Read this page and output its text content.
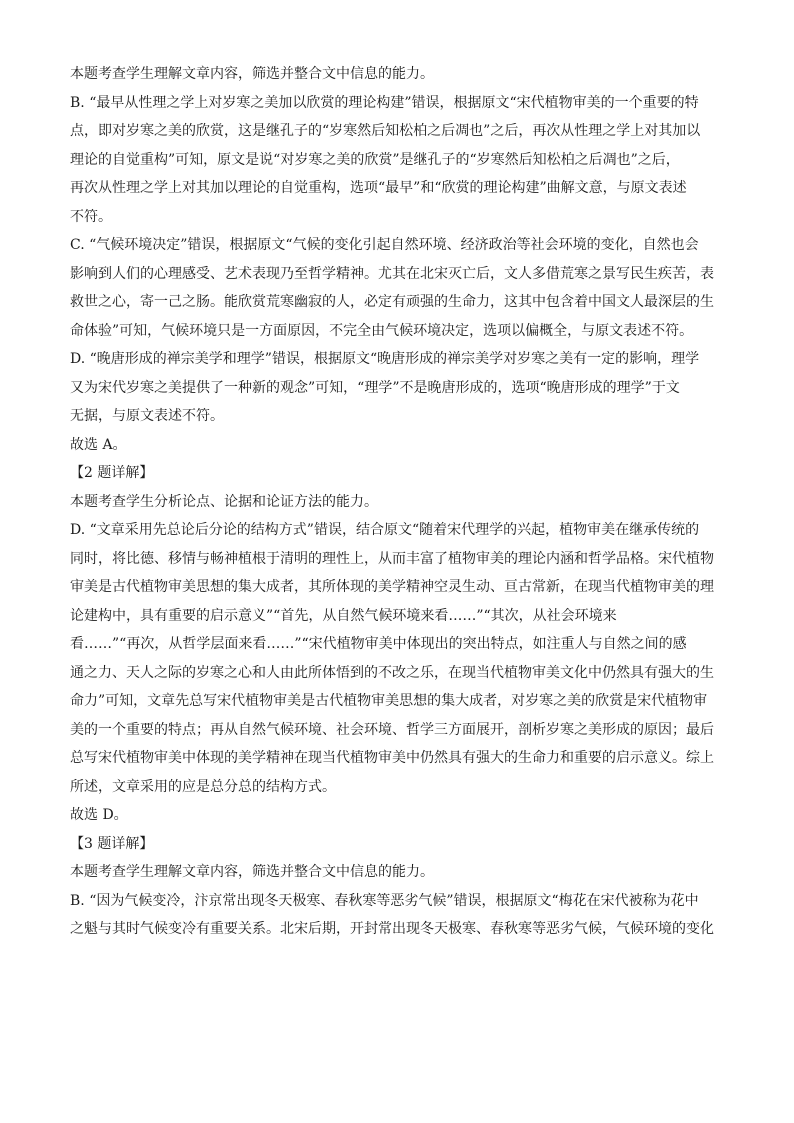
本题考查学生理解文章内容，筛选并整合文中信息的能力。
B. “最早从性理之学上对岁寒之美加以欣赏的理论构建”错误，根据原文“宋代植物审美的一个重要的特
点，即对岁寒之美的欣赏，这是继孔子的“岁寒然后知松柏之后凋也”之后，再次从性理之学上对其加以
理论的自觉重构”可知，原文是说“对岁寒之美的欣赏”是继孔子的“岁寒然后知松柏之后凋也”之后，
再次从性理之学上对其加以理论的自觉重构，选项“最早”和“欣赏的理论构建”曲解文意，与原文表述
不符。
C. “气候环境决定”错误，根据原文“气候的变化引起自然环境、经济政治等社会环境的变化，自然也会
影响到人们的心理感受、艺术表现乃至哲学精神。尤其在北宋灭亡后，文人多借荒寒之景写民生疾苦，表
救世之心，寄一己之肠。能欣赏荒寒幽寂的人，必定有顽强的生命力，这其中包含着中国文人最深层的生
命体验”可知，气候环境只是一方面原因，不完全由气候环境决定，选项以偏概全，与原文表述不符。
D. “晚唐形成的禅宗美学和理学”错误，根据原文“晚唐形成的禅宗美学对岁寒之美有一定的影响，理学
又为宋代岁寒之美提供了一种新的观念”可知，“理学”不是晚唐形成的，选项“晚唐形成的理学”于文
无据，与原文表述不符。
故选 A。
【2 题详解】
本题考查学生分析论点、论据和论证方法的能力。
D. “文章采用先总论后分论的结构方式”错误，结合原文“随着宋代理学的兴起，植物审美在继承传统的
同时，将比德、移情与畅神植根于清明的理性上，从而丰富了植物审美的理论内涵和哲学品格。宋代植物
审美是古代植物审美思想的集大成者，其所体现的美学精神空灵生动、亘古常新，在现当代植物审美的理
论建构中，具有重要的启示意义”“首先，从自然气候环境来看……”“其次，从社会环境来
看……”“再次，从哲学层面来看……”“宋代植物审美中体现出的突出特点，如注重人与自然之间的感
通之力、天人之际的岁寒之心和人由此所体悟到的不改之乐，在现当代植物审美文化中仍然具有强大的生
命力”可知，文章先总写宋代植物审美是古代植物审美思想的集大成者，对岁寒之美的欣赏是宋代植物审
美的一个重要的特点；再从自然气候环境、社会环境、哲学三方面展开，剖析岁寒之美形成的原因；最后
总写宋代植物审美中体现的美学精神在现当代植物审美中仍然具有强大的生命力和重要的启示意义。综上
所述，文章采用的应是总分总的结构方式。
故选 D。
【3 题详解】
本题考查学生理解文章内容，筛选并整合文中信息的能力。
B. “因为气候变冷，汴京常出现冬天极寒、春秋寒等恶劣气候”错误，根据原文“梅花在宋代被称为花中
之魁与其时气候变冷有重要关系。北宋后期，开封常出现冬天极寒、春秋寒等恶劣气候，气候环境的变化
